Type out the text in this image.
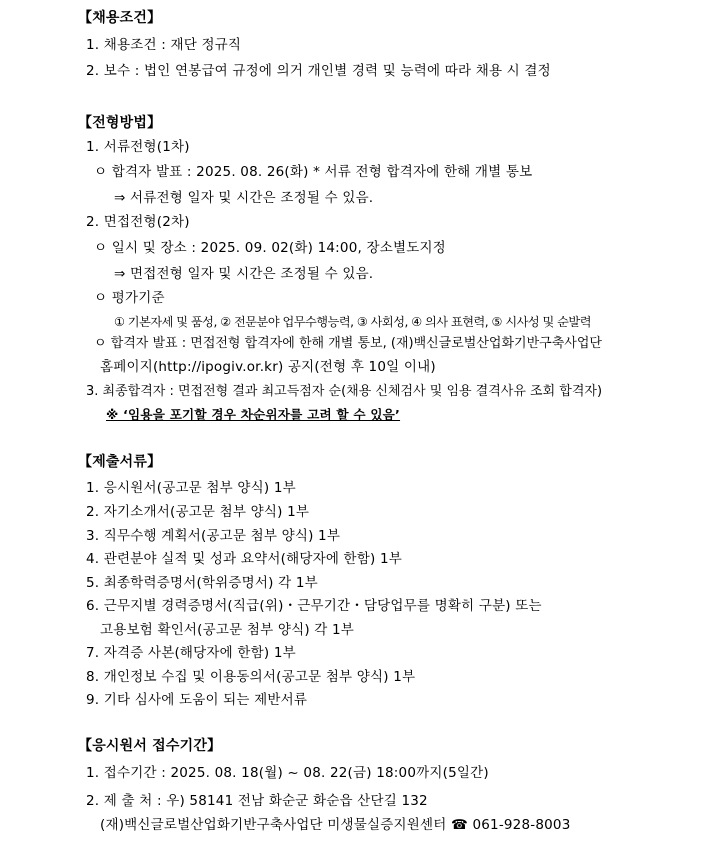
【채용조건】
1. 채용조건 : 재단 정규직
2. 보수 : 법인 연봉급여 규정에 의거 개인별 경력 및 능력에 따라 채용 시 결정
【전형방법】
1. 서류전형(1차)
ㅇ 합격자 발표 : 2025. 08. 26(화) * 서류 전형 합격자에 한해 개별 통보
⇒ 서류전형 일자 및 시간은 조정될 수 있음.
2. 면접전형(2차)
ㅇ 일시 및 장소 : 2025. 09. 02(화) 14:00, 장소별도지정
⇒ 면접전형 일자 및 시간은 조정될 수 있음.
ㅇ 평가기준
① 기본자세 및 품성, ② 전문분야 업무수행능력, ③ 사회성, ④ 의사 표현력, ⑤ 시사성 및 순발력
ㅇ 합격자 발표 : 면접전형 합격자에 한해 개별 통보, (재)백신글로벌산업화기반구축사업단
홈페이지(http://ipogiv.or.kr) 공지(전형 후 10일 이내)
3. 최종합격자 : 면접전형 결과 최고득점자 순(채용 신체검사 및 임용 결격사유 조회 합격자)
※ ‘임용을 포기할 경우 차순위자를 고려 할 수 있음’
【제출서류】
1. 응시원서(공고문 첨부 양식) 1부
2. 자기소개서(공고문 첨부 양식) 1부
3. 직무수행 계획서(공고문 첨부 양식) 1부
4. 관련분야 실적 및 성과 요약서(해당자에 한함) 1부
5. 최종학력증명서(학위증명서) 각 1부
6. 근무지별 경력증명서(직급(위)・근무기간・담당업무를 명확히 구분) 또는
고용보험 확인서(공고문 첨부 양식) 각 1부
7. 자격증 사본(해당자에 한함) 1부
8. 개인정보 수집 및 이용동의서(공고문 첨부 양식) 1부
9. 기타 심사에 도움이 되는 제반서류
【응시원서 접수기간】
1. 접수기간 : 2025. 08. 18(월) ~ 08. 22(금) 18:00까지(5일간)
2. 제 출 처 : 우) 58141 전남 화순군 화순읍 산단길 132
(재)백신글로벌산업화기반구축사업단 미생물실증지원센터 ☎ 061-928-8003
